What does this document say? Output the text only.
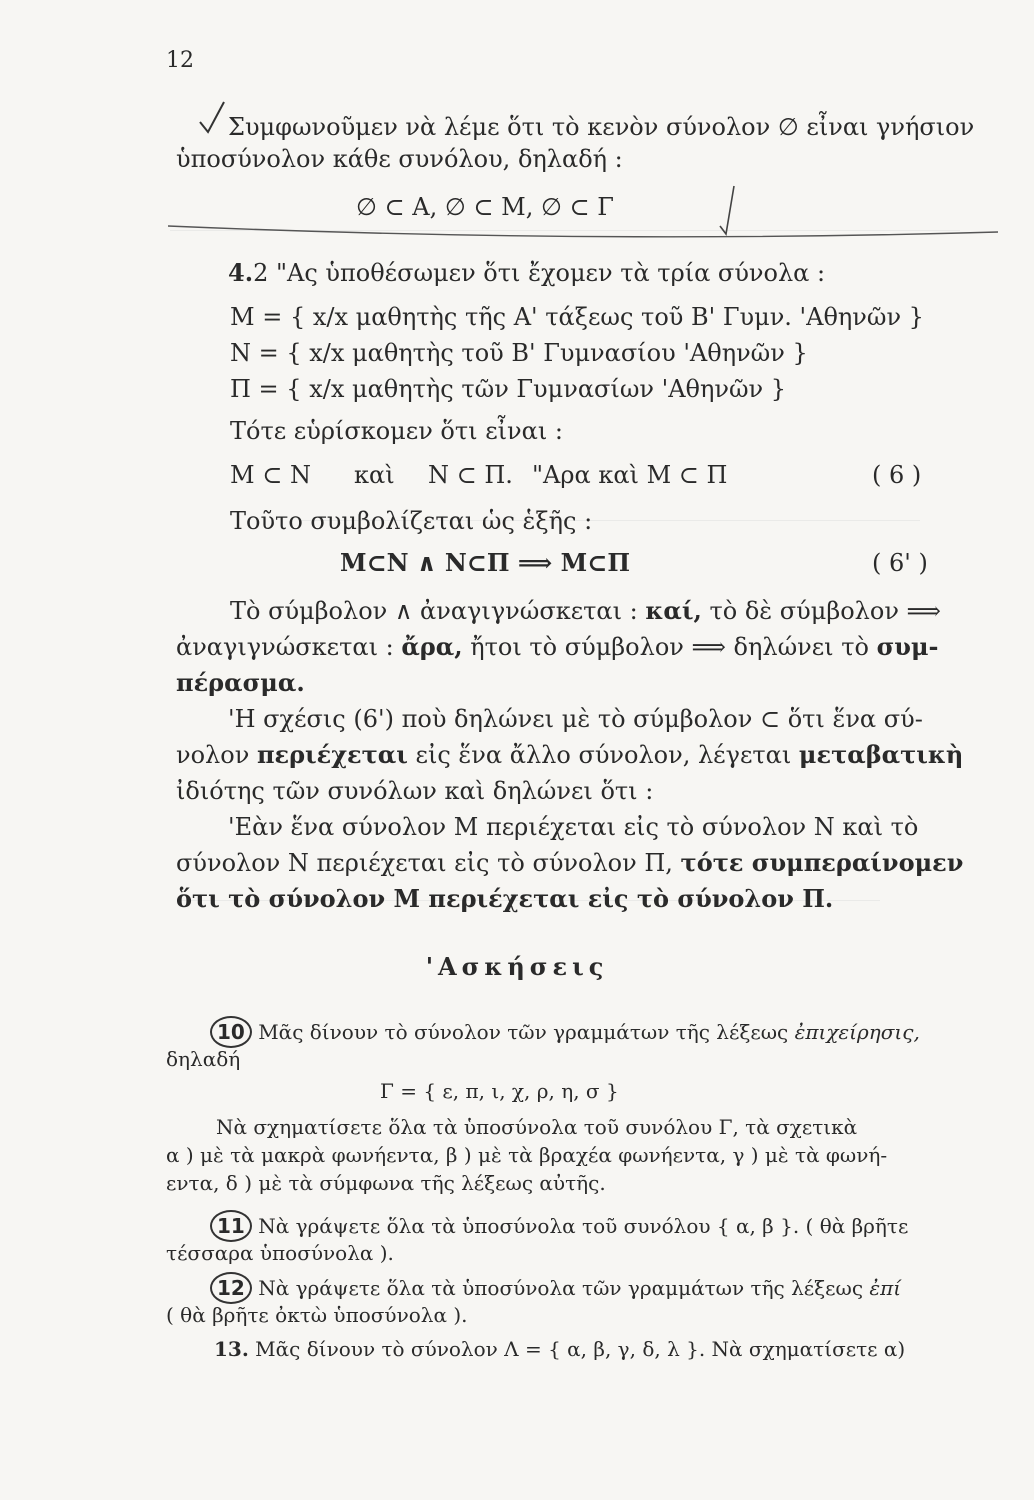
12
Συμφωνοῦμεν νὰ λέμε ὅτι τὸ κενὸν σύνολον ∅ εἶναι γνήσιον
ὑποσύνολον κάθε συνόλου, δηλαδή :
∅ ⊂ Α, ∅ ⊂ Μ, ∅ ⊂ Γ
4.2 "Ας ὑποθέσωμεν ὅτι ἔχομεν τὰ τρία σύνολα :
Μ = { x/x μαθητὴς τῆς Α' τάξεως τοῦ Β' Γυμν. 'Αθηνῶν }
Ν = { x/x μαθητὴς τοῦ Β' Γυμνασίου 'Αθηνῶν }
Π = { x/x μαθητὴς τῶν Γυμνασίων 'Αθηνῶν }
Τότε εὑρίσκομεν ὅτι εἶναι :
Μ ⊂ Ν καὶ Ν ⊂ Π. "Αρα καὶ Μ ⊂ Π	( 6 )
Τοῦτο συμβολίζεται ὡς ἑξῆς :
Μ⊂Ν ∧ Ν⊂Π ⟹ Μ⊂Π	( 6' )
Τὸ σύμβολον ∧ ἀναγιγνώσκεται : καί, τὸ δὲ σύμβολον ⟹
ἀναγιγνώσκεται : ἄρα, ἤτοι τὸ σύμβολον ⟹ δηλώνει τὸ συμ-
πέρασμα.
'Η σχέσις (6') ποὺ δηλώνει μὲ τὸ σύμβολον ⊂ ὅτι ἕνα σύ-
νολον περιέχεται εἰς ἕνα ἄλλο σύνολον, λέγεται μεταβατικὴ
ἰδιότης τῶν συνόλων καὶ δηλώνει ὅτι :
'Εὰν ἕνα σύνολον Μ περιέχεται εἰς τὸ σύνολον Ν καὶ τὸ
σύνολον Ν περιέχεται εἰς τὸ σύνολον Π, τότε συμπεραίνομεν
ὅτι τὸ σύνολον Μ περιέχεται εἰς τὸ σύνολον Π.
'Ασκήσεις
10 Μᾶς δίνουν τὸ σύνολον τῶν γραμμάτων τῆς λέξεως ἐπιχείρησις,
δηλαδή
Γ = { ε, π, ι, χ, ρ, η, σ }
Νὰ σχηματίσετε ὅλα τὰ ὑποσύνολα τοῦ συνόλου Γ, τὰ σχετικὰ
α ) μὲ τὰ μακρὰ φωνήεντα, β ) μὲ τὰ βραχέα φωνήεντα, γ ) μὲ τὰ φωνή-
εντα, δ ) μὲ τὰ σύμφωνα τῆς λέξεως αὐτῆς.
11 Νὰ γράψετε ὅλα τὰ ὑποσύνολα τοῦ συνόλου { α, β }. ( θὰ βρῆτε
τέσσαρα ὑποσύνολα ).
12 Νὰ γράψετε ὅλα τὰ ὑποσύνολα τῶν γραμμάτων τῆς λέξεως ἐπί
( θὰ βρῆτε ὀκτὼ ὑποσύνολα ).
13. Μᾶς δίνουν τὸ σύνολον Λ = { α, β, γ, δ, λ }. Νὰ σχηματίσετε α)
